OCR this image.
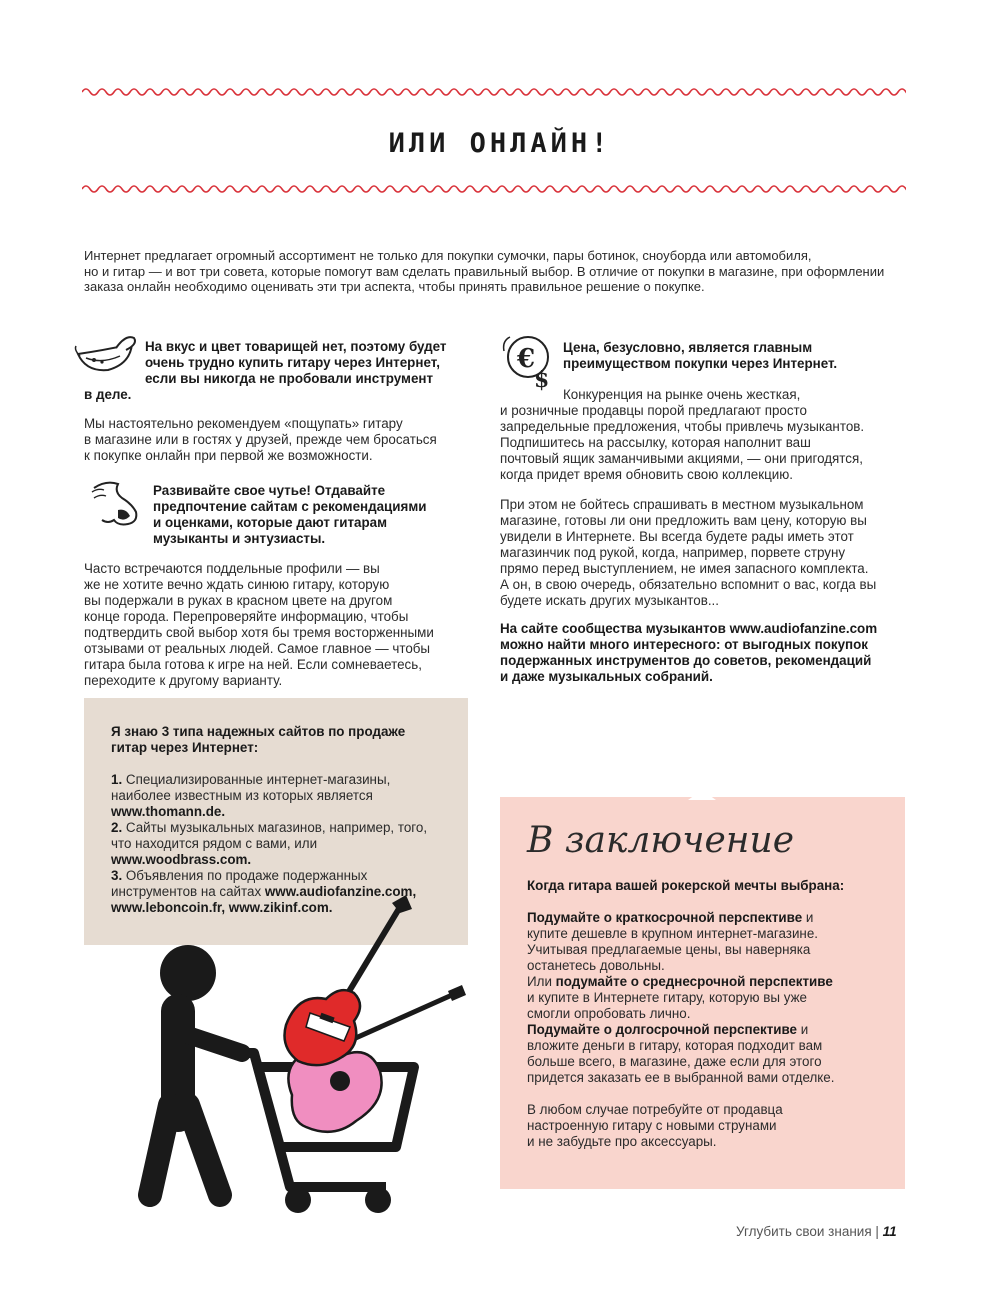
ИЛИ ОНЛАЙН!
Интернет предлагает огромный ассортимент не только для покупки сумочки, пары ботинок, сноуборда или автомобиля,
но и гитар — и вот три совета, которые помогут вам сделать правильный выбор. В отличие от покупки в магазине, при оформлении
заказа онлайн необходимо оценивать эти три аспекта, чтобы принять правильное решение о покупке.
На вкус и цвет товарищей нет, поэтому будет
очень трудно купить гитару через Интернет,
если вы никогда не пробовали инструмент
в деле.
Мы настоятельно рекомендуем «пощупать» гитару
в магазине или в гостях у друзей, прежде чем бросаться
к покупке онлайн при первой же возможности.
Развивайте свое чутье! Отдавайте
предпочтение сайтам с рекомендациями
и оценками, которые дают гитарам
музыканты и энтузиасты.
Часто встречаются поддельные профили — вы
же не хотите вечно ждать синюю гитару, которую
вы подержали в руках в красном цвете на другом
конце города. Перепроверяйте информацию, чтобы
подтвердить свой выбор хотя бы тремя восторженными
отзывами от реальных людей. Самое главное — чтобы
гитара была готова к игре на ней. Если сомневаетесь,
переходите к другому варианту.
€
$
Цена, безусловно, является главным
преимуществом покупки через Интернет.
Конкуренция на рынке очень жесткая,
и розничные продавцы порой предлагают просто
запредельные предложения, чтобы привлечь музыкантов.
Подпишитесь на рассылку, которая наполнит ваш
почтовый ящик заманчивыми акциями, — они пригодятся,
когда придет время обновить свою коллекцию.
При этом не бойтесь спрашивать в местном музыкальном
магазине, готовы ли они предложить вам цену, которую вы
увидели в Интернете. Вы всегда будете рады иметь этот
магазинчик под рукой, когда, например, порвете струну
прямо перед выступлением, не имея запасного комплекта.
А он, в свою очередь, обязательно вспомнит о вас, когда вы
будете искать других музыкантов...
На сайте сообщества музыкантов www.audiofanzine.com
можно найти много интересного: от выгодных покупок
подержанных инструментов до советов, рекомендаций
и даже музыкальных собраний.
Я знаю 3 типа надежных сайтов по продаже
гитар через Интернет:
1. Специализированные интернет-магазины,
наиболее известным из которых является
www.thomann.de.
2. Сайты музыкальных магазинов, например, того,
что находится рядом с вами, или
www.woodbrass.com.
3. Объявления по продаже подержанных
инструментов на сайтах www.audiofanzine.com,
www.leboncoin.fr, www.zikinf.com.
В заключение
Когда гитара вашей рокерской мечты выбрана:
Подумайте о краткосрочной перспективе и
купите дешевле в крупном интернет-магазине.
Учитывая предлагаемые цены, вы наверняка
останетесь довольны.
Или подумайте о среднесрочной перспективе
и купите в Интернете гитару, которую вы уже
смогли опробовать лично.
Подумайте о долгосрочной перспективе и
вложите деньги в гитару, которая подходит вам
больше всего, в магазине, даже если для этого
придется заказать ее в выбранной вами отделке.
В любом случае потребуйте от продавца
настроенную гитару с новыми струнами
и не забудьте про аксессуары.
Углубить свои знания | 11
